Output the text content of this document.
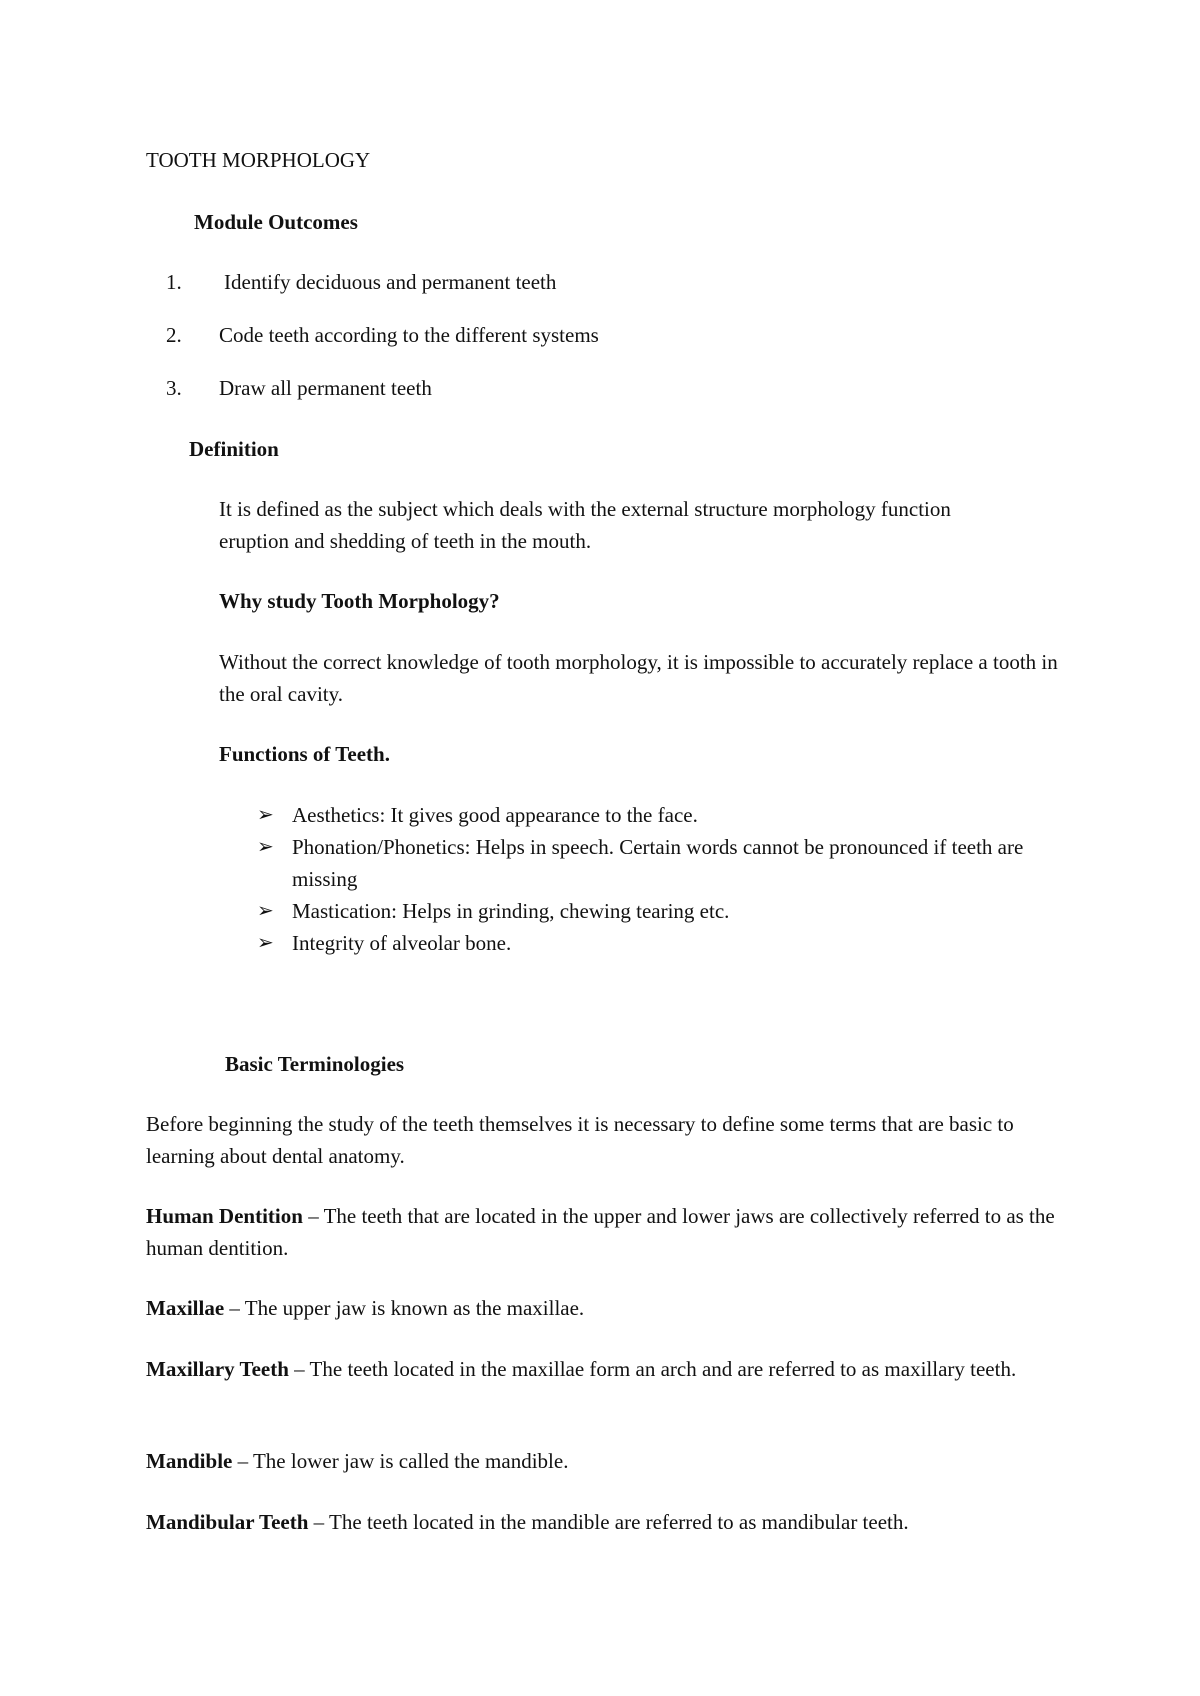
TOOTH MORPHOLOGY
Module Outcomes
1. Identify deciduous and permanent teeth
2. Code teeth according to the different systems
3. Draw all permanent teeth
Definition

It is defined as the subject which deals with the external structure morphology function eruption and shedding of teeth in the mouth.

Why study Tooth Morphology?

Without the correct knowledge of tooth morphology, it is impossible to accurately replace a tooth in the oral cavity.

Functions of Teeth.
➢ Aesthetics: It gives good appearance to the face.
➢ Phonation/Phonetics: Helps in speech. Certain words cannot be pronounced if teeth are missing

➢ Mastication: Helps in grinding, chewing tearing etc.
➢ Integrity of alveolar bone.
Basic Terminologies

Before beginning the study of the teeth themselves it is necessary to define some terms that are basic to learning about dental anatomy.

Human Dentition – The teeth that are located in the upper and lower jaws are collectively referred to as the human dentition.

Maxillae – The upper jaw is known as the maxillae.

Maxillary Teeth – The teeth located in the maxillae form an arch and are referred to as maxillary teeth.

Mandible – The lower jaw is called the mandible.

Mandibular Teeth – The teeth located in the mandible are referred to as mandibular teeth.
